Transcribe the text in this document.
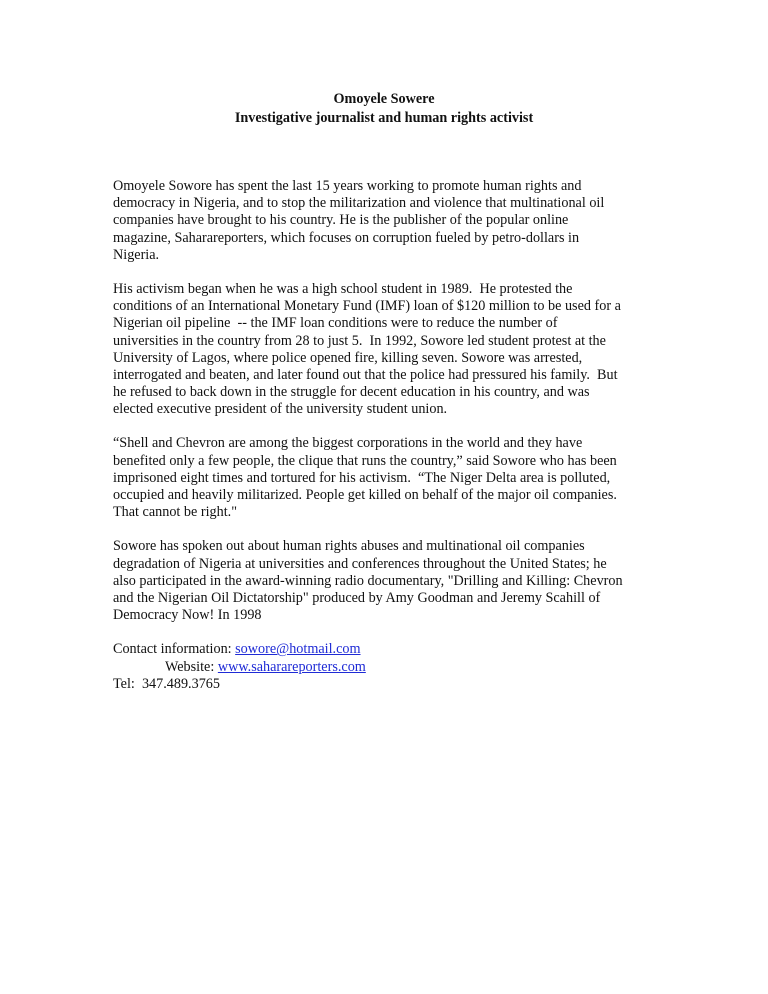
Omoyele Sowere
Investigative journalist and human rights activist
Omoyele Sowore has spent the last 15 years working to promote human rights and
democracy in Nigeria, and to stop the militarization and violence that multinational oil
companies have brought to his country. He is the publisher of the popular online
magazine, Saharareporters, which focuses on corruption fueled by petro-dollars in
Nigeria.
His activism began when he was a high school student in 1989.  He protested the
conditions of an International Monetary Fund (IMF) loan of $120 million to be used for a
Nigerian oil pipeline  -- the IMF loan conditions were to reduce the number of
universities in the country from 28 to just 5.  In 1992, Sowore led student protest at the
University of Lagos, where police opened fire, killing seven. Sowore was arrested,
interrogated and beaten, and later found out that the police had pressured his family.  But
he refused to back down in the struggle for decent education in his country, and was
elected executive president of the university student union.
“Shell and Chevron are among the biggest corporations in the world and they have
benefited only a few people, the clique that runs the country,” said Sowore who has been
imprisoned eight times and tortured for his activism.  “The Niger Delta area is polluted,
occupied and heavily militarized. People get killed on behalf of the major oil companies.
That cannot be right."
Sowore has spoken out about human rights abuses and multinational oil companies
degradation of Nigeria at universities and conferences throughout the United States; he
also participated in the award-winning radio documentary, "Drilling and Killing: Chevron
and the Nigerian Oil Dictatorship" produced by Amy Goodman and Jeremy Scahill of
Democracy Now! In 1998
Contact information: sowore@hotmail.com
Website: www.saharareporters.com
Tel:  347.489.3765
